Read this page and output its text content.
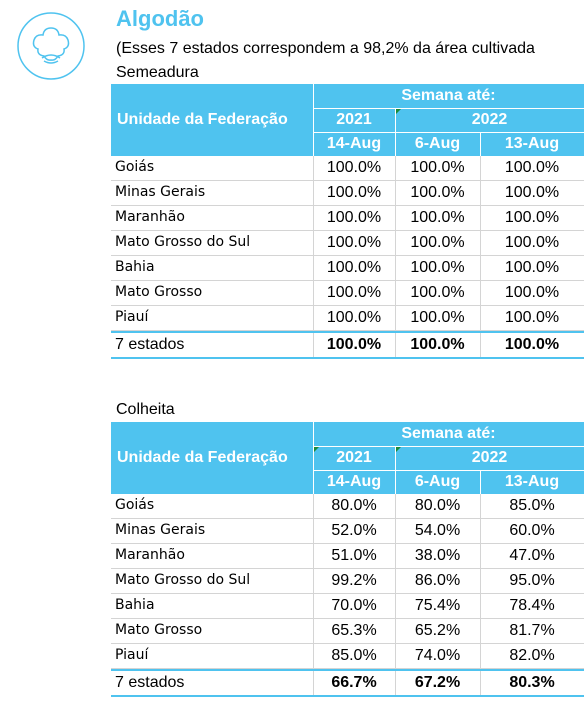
Algodão
(Esses 7 estados correspondem a 98,2% da área cultivada
Semeadura
Unidade da Federação
Semana até:
2021	2022
14-Aug	6-Aug	13-Aug
Goiás	100.0%	100.0%	100.0%
Minas Gerais	100.0%	100.0%	100.0%
Maranhão	100.0%	100.0%	100.0%
Mato Grosso do Sul	100.0%	100.0%	100.0%
Bahia	100.0%	100.0%	100.0%
Mato Grosso	100.0%	100.0%	100.0%
Piauí	100.0%	100.0%	100.0%
7 estados	100.0%	100.0%	100.0%
Colheita
Unidade da Federação
Semana até:
2021	2022
14-Aug	6-Aug	13-Aug
Goiás	80.0%	80.0%	85.0%
Minas Gerais	52.0%	54.0%	60.0%
Maranhão	51.0%	38.0%	47.0%
Mato Grosso do Sul	99.2%	86.0%	95.0%
Bahia	70.0%	75.4%	78.4%
Mato Grosso	65.3%	65.2%	81.7%
Piauí	85.0%	74.0%	82.0%
7 estados	66.7%	67.2%	80.3%
